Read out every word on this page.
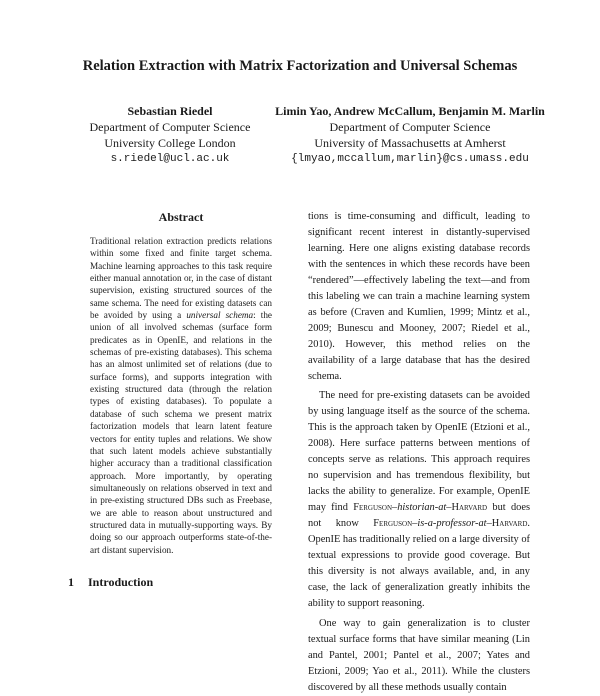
Relation Extraction with Matrix Factorization and Universal Schemas
Sebastian Riedel
Department of Computer Science
University College London
s.riedel@ucl.ac.uk
Limin Yao, Andrew McCallum, Benjamin M. Marlin
Department of Computer Science
University of Massachusetts at Amherst
{lmyao,mccallum,marlin}@cs.umass.edu
Abstract
Traditional relation extraction predicts relations within some fixed and finite target schema. Machine learning approaches to this task require either manual annotation or, in the case of distant supervision, existing structured sources of the same schema. The need for existing datasets can be avoided by using a universal schema: the union of all involved schemas (surface form predicates as in OpenIE, and relations in the schemas of pre-existing databases). This schema has an almost unlimited set of relations (due to surface forms), and supports integration with existing structured data (through the relation types of existing databases). To populate a database of such schema we present matrix factorization models that learn latent feature vectors for entity tuples and relations. We show that such latent models achieve substantially higher accuracy than a traditional classification approach. More importantly, by operating simultaneously on relations observed in text and in pre-existing structured DBs such as Freebase, we are able to reason about unstructured and structured data in mutually-supporting ways. By doing so our approach outperforms state-of-the-art distant supervision.
1 Introduction

tions is time-consuming and difficult, leading to significant recent interest in distantly-supervised learning. Here one aligns existing database records with the sentences in which these records have been “rendered”—effectively labeling the text—and from this labeling we can train a machine learning system as before (Craven and Kumlien, 1999; Mintz et al., 2009; Bunescu and Mooney, 2007; Riedel et al., 2010). However, this method relies on the availability of a large database that has the desired schema.

The need for pre-existing datasets can be avoided by using language itself as the source of the schema. This is the approach taken by OpenIE (Etzioni et al., 2008). Here surface patterns between mentions of concepts serve as relations. This approach requires no supervision and has tremendous flexibility, but lacks the ability to generalize. For example, OpenIE may find Ferguson–historian-at–Harvard but does not know Ferguson–is-a-professor-at–Harvard. OpenIE has traditionally relied on a large diversity of textual expressions to provide good coverage. But this diversity is not always available, and, in any case, the lack of generalization greatly inhibits the ability to support reasoning.

One way to gain generalization is to cluster textual surface forms that have similar meaning (Lin and Pantel, 2001; Pantel et al., 2007; Yates and Etzioni, 2009; Yao et al., 2011). While the clusters discovered by all these methods usually contain
